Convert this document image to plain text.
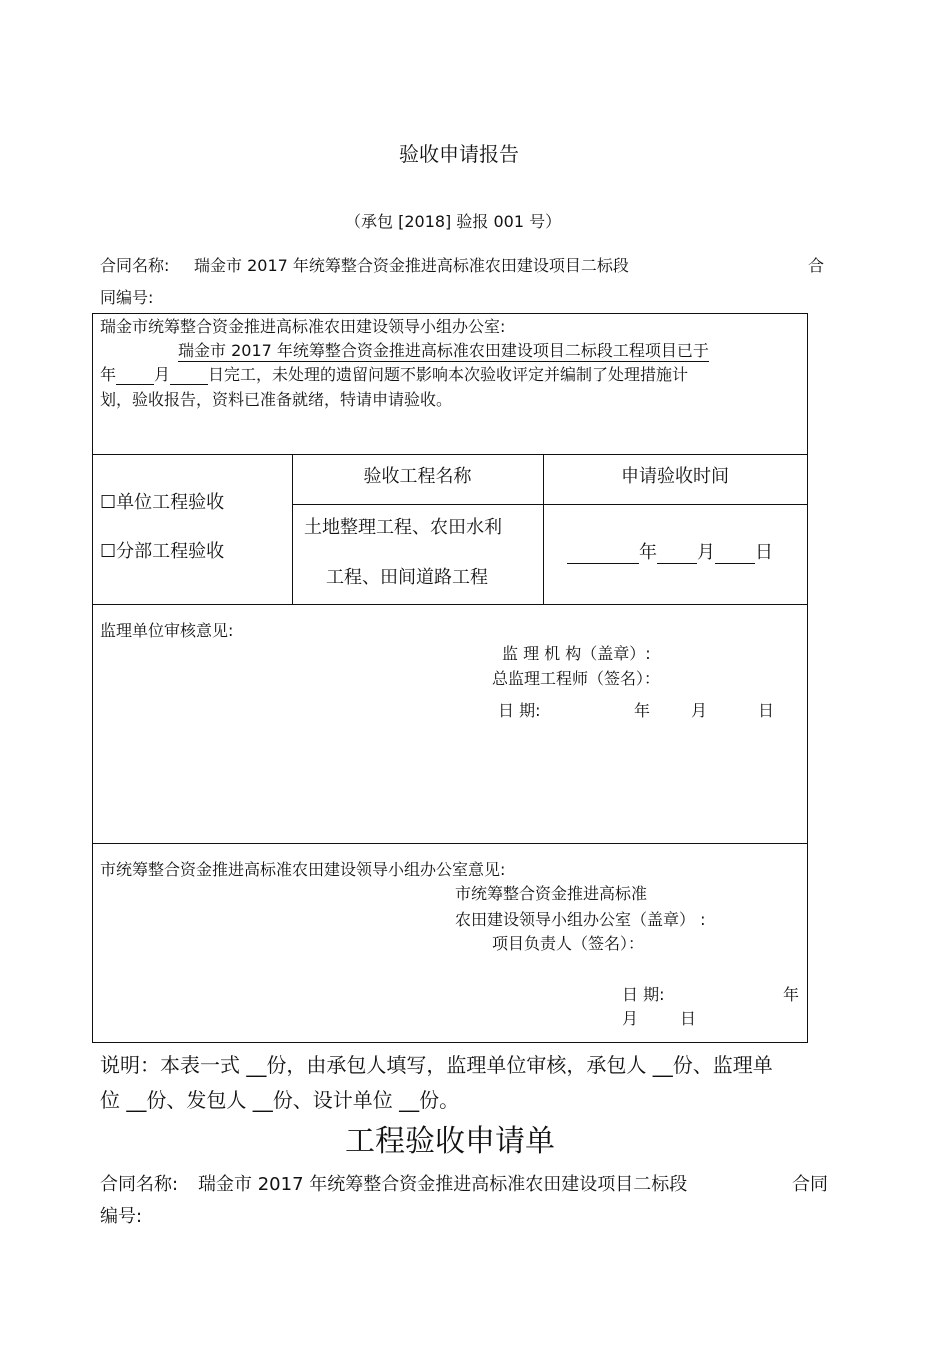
验收申请报告
（承包 [2018] 验报 001 号）
合同名称: 瑞金市 2017 年统筹整合资金推进高标准农田建设项目二标段	合
同编号:
瑞金市统筹整合资金推进高标准农田建设领导小组办公室:
瑞金市 2017 年统筹整合资金推进高标准农田建设项目二标段工程项目已于
年 月 日完工，未处理的遗留问题不影响本次验收评定并编制了处理措施计
划，验收报告，资料已准备就绪，特请申请验收。
☐单位工程验收
☐分部工程验收
验收工程名称	申请验收时间
土地整理工程、农田水利
工程、田间道路工程
年 月 日
监理单位审核意见:
监 理 机 构（盖章）:
总监理工程师（签名）：
日 期:	年	月	日
市统筹整合资金推进高标准农田建设领导小组办公室意见:
市统筹整合资金推进高标准
农田建设领导小组办公室（盖章） :
项目负责人（签名）：
日 期:	年
月	日
说明：本表一式 __份，由承包人填写，监理单位审核，承包人 __份、监理单
位 __份、发包人 __份、设计单位 __份。
工程验收申请单
合同名称: 瑞金市 2017 年统筹整合资金推进高标准农田建设项目二标段	合同
编号:
